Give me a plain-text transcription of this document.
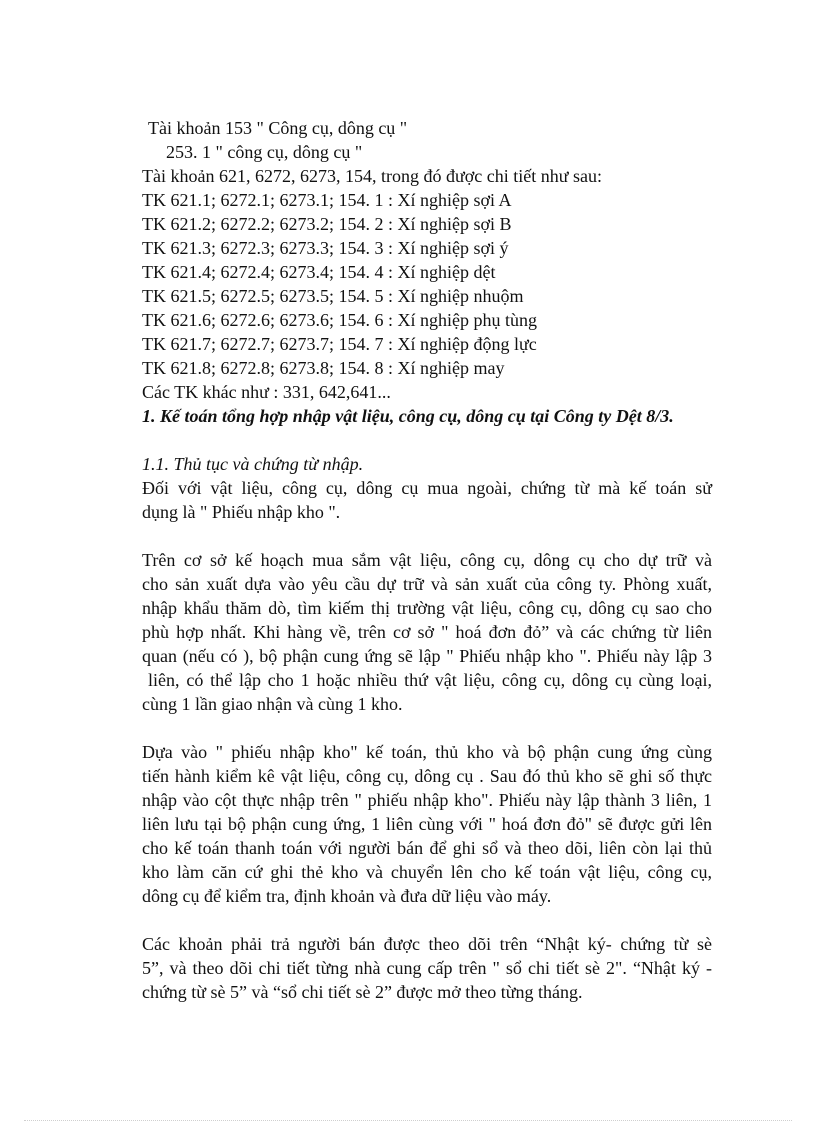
Tài khoản 153 " Công cụ, dông cụ "
253. 1 " công cụ, dông cụ "
Tài khoản 621, 6272, 6273, 154, trong đó được chi tiết như sau:
TK 621.1; 6272.1; 6273.1; 154. 1 : Xí nghiệp sợi A
TK 621.2; 6272.2; 6273.2; 154. 2 : Xí nghiệp sợi B
TK 621.3; 6272.3; 6273.3; 154. 3 : Xí nghiệp sợi ý
TK 621.4; 6272.4; 6273.4; 154. 4 : Xí nghiệp dệt
TK 621.5; 6272.5; 6273.5; 154. 5 : Xí nghiệp nhuộm
TK 621.6; 6272.6; 6273.6; 154. 6 : Xí nghiệp phụ tùng
TK 621.7; 6272.7; 6273.7; 154. 7 : Xí nghiệp động lực
TK 621.8; 6272.8; 6273.8; 154. 8 : Xí nghiệp may
Các TK khác như : 331, 642,641...
1. Kế toán tổng hợp nhập vật liệu, công cụ, dông cụ tại Công ty Dệt 8/3.
1.1. Thủ tục và chứng từ nhập.
Đối với vật liệu, công cụ, dông cụ mua ngoài, chứng từ mà kế toán sử
dụng là " Phiếu nhập kho ".
Trên cơ sở kế hoạch mua sắm vật liệu, công cụ, dông cụ cho dự trữ và
cho sản xuất dựa vào yêu cầu dự trữ và sản xuất của công ty. Phòng xuất,
nhập khẩu thăm dò, tìm kiếm thị trường vật liệu, công cụ, dông cụ sao cho
phù hợp nhất. Khi hàng về, trên cơ sở " hoá đơn đỏ” và các chứng từ liên
quan (nếu có ), bộ phận cung ứng sẽ lập " Phiếu nhập kho ". Phiếu này lập 3
liên, có thể lập cho 1 hoặc nhiều thứ vật liệu, công cụ, dông cụ cùng loại,
cùng 1 lần giao nhận và cùng 1 kho.
Dựa vào " phiếu nhập kho" kế toán, thủ kho và bộ phận cung ứng cùng
tiến hành kiểm kê vật liệu, công cụ, dông cụ . Sau đó thủ kho sẽ ghi số thực
nhập vào cột thực nhập trên " phiếu nhập kho". Phiếu này lập thành 3 liên, 1
liên lưu tại bộ phận cung ứng, 1 liên cùng với " hoá đơn đỏ" sẽ được gửi lên
cho kế toán thanh toán với người bán để ghi sổ và theo dõi, liên còn lại thủ
kho làm căn cứ ghi thẻ kho và chuyển lên cho kế toán vật liệu, công cụ,
dông cụ để kiểm tra, định khoản và đưa dữ liệu vào máy.
Các khoản phải trả người bán được theo dõi trên “Nhật ký- chứng từ sè
5”, và theo dõi chi tiết từng nhà cung cấp trên " sổ chi tiết sè 2". “Nhật ký -
chứng từ sè 5” và “sổ chi tiết sè 2” được mở theo từng tháng.
